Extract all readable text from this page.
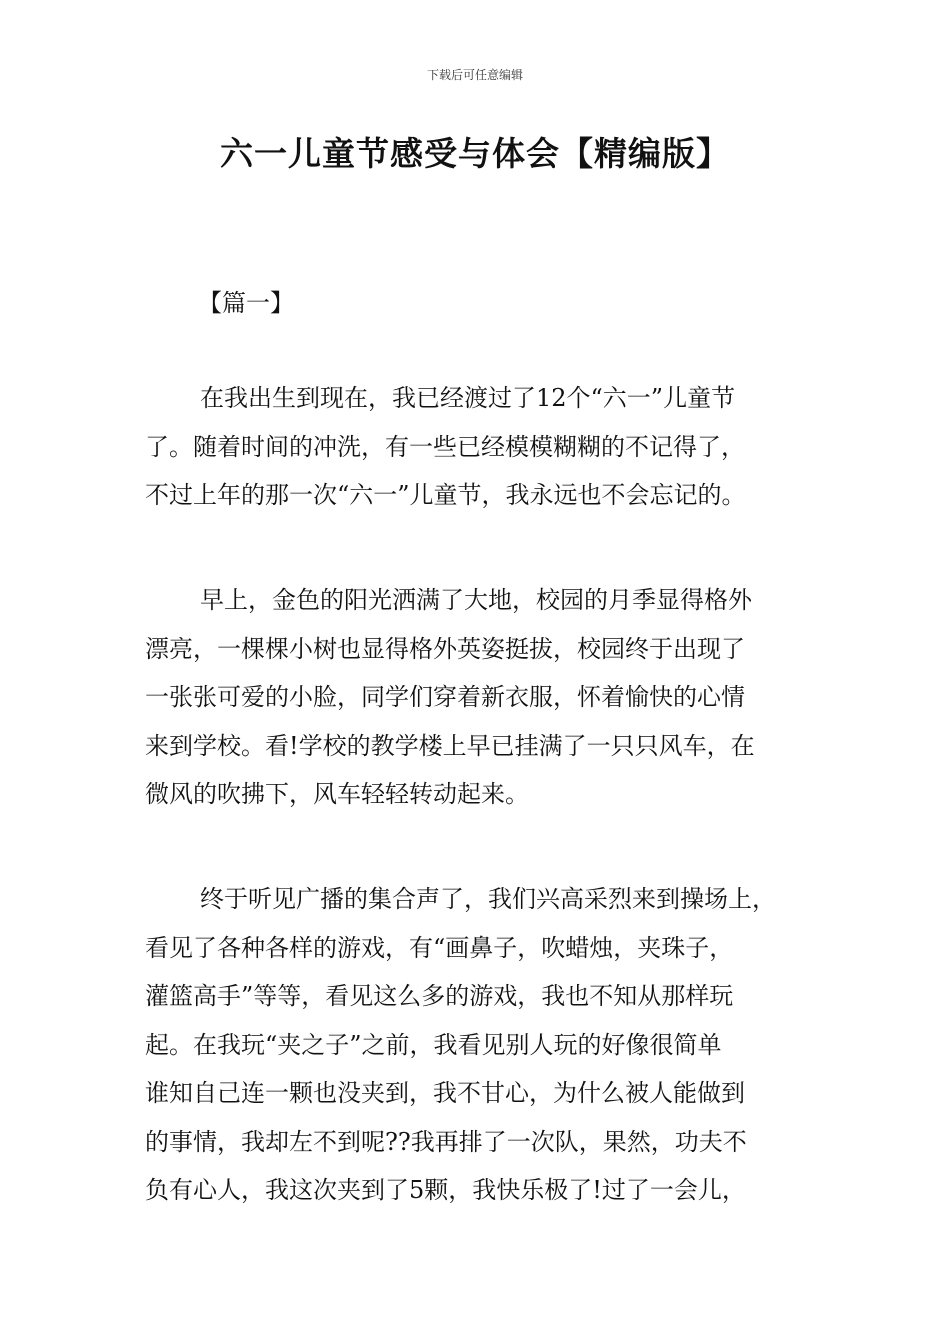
下载后可任意编辑
六一儿童节感受与体会【精编版】

【篇一】

在我出生到现在，我已经渡过了12个“六一”儿童节
了。随着时间的冲洗，有一些已经模模糊糊的不记得了，
不过上年的那一次“六一”儿童节，我永远也不会忘记的。

早上，金色的阳光洒满了大地，校园的月季显得格外
漂亮，一棵棵小树也显得格外英姿挺拔，校园终于出现了
一张张可爱的小脸，同学们穿着新衣服，怀着愉快的心情
来到学校。看!学校的教学楼上早已挂满了一只只风车，在
微风的吹拂下，风车轻轻转动起来。

终于听见广播的集合声了，我们兴高采烈来到操场上，
看见了各种各样的游戏，有“画鼻子，吹蜡烛，夹珠子，
灌篮高手”等等，看见这么多的游戏，我也不知从那样玩
起。在我玩“夹之子”之前，我看见别人玩的好像很简单
谁知自己连一颗也没夹到，我不甘心，为什么被人能做到
的事情，我却左不到呢??我再排了一次队，果然，功夫不
负有心人，我这次夹到了5颗，我快乐极了!过了一会儿，
